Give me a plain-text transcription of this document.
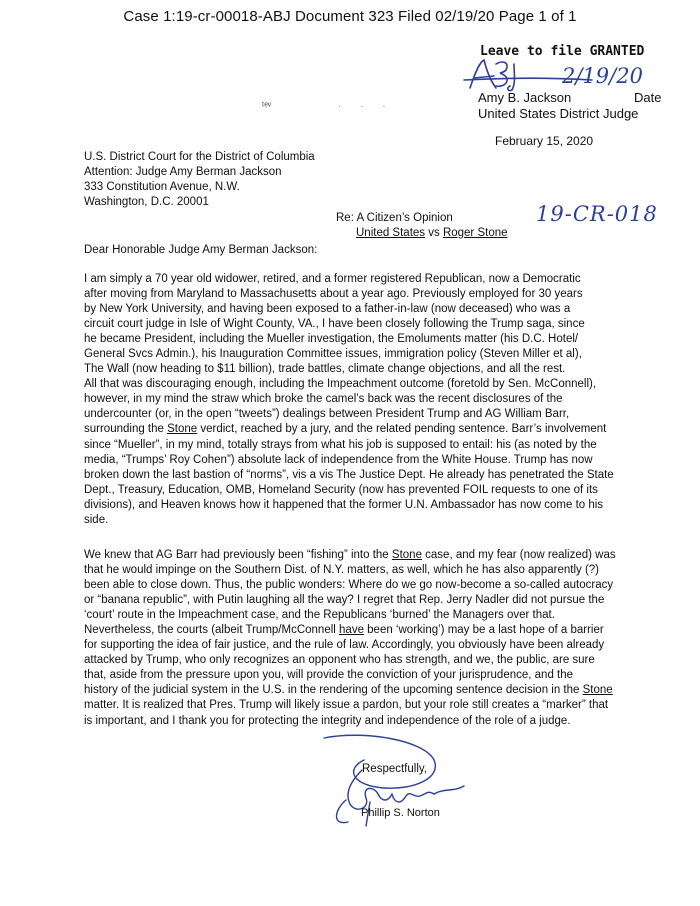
Case 1:19-cr-00018-ABJ Document 323 Filed 02/19/20 Page 1 of 1
Leave to file GRANTED
2/19/20
Amy B. Jackson	Date
United States District Judge
February 15, 2020
ᵗᵉᵛ	· · ·
U.S. District Court for the District of Columbia
Attention: Judge Amy Berman Jackson
333 Constitution Avenue, N.W.
Washington, D.C. 20001
Re: A Citizen’s Opinion
United States vs Roger Stone
19-CR-018
Dear Honorable Judge Amy Berman Jackson:
I am simply a 70 year old widower, retired, and a former registered Republican, now a Democratic
after moving from Maryland to Massachusetts about a year ago. Previously employed for 30 years
by New York University, and having been exposed to a father-in-law (now deceased) who was a
circuit court judge in Isle of Wight County, VA., I have been closely following the Trump saga, since
he became President, including the Mueller investigation, the Emoluments matter (his D.C. Hotel/
General Svcs Admin.), his Inauguration Committee issues, immigration policy (Steven Miller et al),
The Wall (now heading to $11 billion), trade battles, climate change objections, and all the rest.
All that was discouraging enough, including the Impeachment outcome (foretold by Sen. McConnell),
however, in my mind the straw which broke the camel’s back was the recent disclosures of the
undercounter (or, in the open “tweets”) dealings between President Trump and AG William Barr,
surrounding the Stone verdict, reached by a jury, and the related pending sentence. Barr’s involvement
since “Mueller”, in my mind, totally strays from what his job is supposed to entail: his (as noted by the
media, “Trumps’ Roy Cohen”) absolute lack of independence from the White House. Trump has now
broken down the last bastion of “norms”, vis a vis The Justice Dept. He already has penetrated the State
Dept., Treasury, Education, OMB, Homeland Security (now has prevented FOIL requests to one of its
divisions), and Heaven knows how it happened that the former U.N. Ambassador has now come to his
side.
We knew that AG Barr had previously been “fishing” into the Stone case, and my fear (now realized) was
that he would impinge on the Southern Dist. of N.Y. matters, as well, which he has also apparently (?)
been able to close down. Thus, the public wonders: Where do we go now-become a so-called autocracy
or “banana republic”, with Putin laughing all the way? I regret that Rep. Jerry Nadler did not pursue the
‘court’ route in the Impeachment case, and the Republicans ‘burned’ the Managers over that.
Nevertheless, the courts (albeit Trump/McConnell have been ‘working’) may be a last hope of a barrier
for supporting the idea of fair justice, and the rule of law. Accordingly, you obviously have been already
attacked by Trump, who only recognizes an opponent who has strength, and we, the public, are sure
that, aside from the pressure upon you, will provide the conviction of your jurisprudence, and the
history of the judicial system in the U.S. in the rendering of the upcoming sentence decision in the Stone
matter. It is realized that Pres. Trump will likely issue a pardon, but your role still creates a “marker” that
is important, and I thank you for protecting the integrity and independence of the role of a judge.
Respectfully,
Phillip S. Norton
